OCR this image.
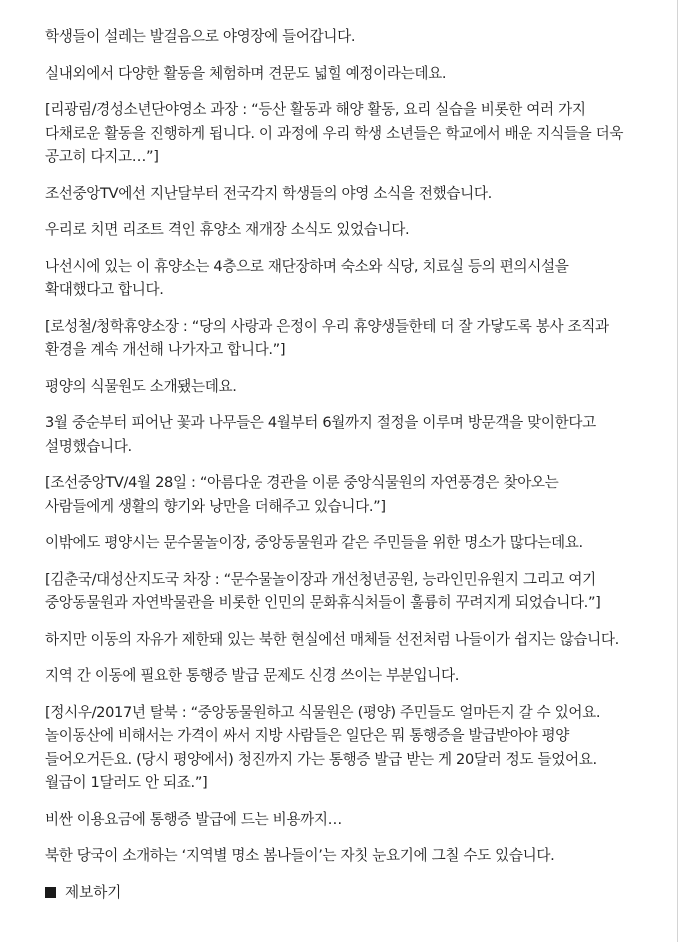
학생들이 설레는 발걸음으로 야영장에 들어갑니다.

실내외에서 다양한 활동을 체험하며 견문도 넓힐 예정이라는데요.

[리광림/경성소년단야영소 과장 : “등산 활동과 해양 활동, 요리 실습을 비롯한 여러 가지 다채로운 활동을 진행하게 됩니다. 이 과정에 우리 학생 소년들은 학교에서 배운 지식들을 더욱 공고히 다지고…”]

조선중앙TV에선 지난달부터 전국각지 학생들의 야영 소식을 전했습니다.

우리로 치면 리조트 격인 휴양소 재개장 소식도 있었습니다.

나선시에 있는 이 휴양소는 4층으로 재단장하며 숙소와 식당, 치료실 등의 편의시설을 확대했다고 합니다.

[로성철/청학휴양소장 : “당의 사랑과 은정이 우리 휴양생들한테 더 잘 가닿도록 봉사 조직과 환경을 계속 개선해 나가자고 합니다.”]

평양의 식물원도 소개됐는데요.

3월 중순부터 피어난 꽃과 나무들은 4월부터 6월까지 절정을 이루며 방문객을 맞이한다고 설명했습니다.

[조선중앙TV/4월 28일 : “아름다운 경관을 이룬 중앙식물원의 자연풍경은 찾아오는 사람들에게 생활의 향기와 낭만을 더해주고 있습니다.”]

이밖에도 평양시는 문수물놀이장, 중앙동물원과 같은 주민들을 위한 명소가 많다는데요.

[김춘국/대성산지도국 차장 : “문수물놀이장과 개선청년공원, 능라인민유원지 그리고 여기 중앙동물원과 자연박물관을 비롯한 인민의 문화휴식처들이 훌륭히 꾸려지게 되었습니다.”]

하지만 이동의 자유가 제한돼 있는 북한 현실에선 매체들 선전처럼 나들이가 쉽지는 않습니다.

지역 간 이동에 필요한 통행증 발급 문제도 신경 쓰이는 부분입니다.

[정시우/2017년 탈북 : “중앙동물원하고 식물원은 (평양) 주민들도 얼마든지 갈 수 있어요. 놀이동산에 비해서는 가격이 싸서 지방 사람들은 일단은 뭐 통행증을 발급받아야 평양 들어오거든요. (당시 평양에서) 청진까지 가는 통행증 발급 받는 게 20달러 정도 들었어요. 월급이 1달러도 안 되죠.”]

비싼 이용요금에 통행증 발급에 드는 비용까지…

북한 당국이 소개하는 ‘지역별 명소 봄나들이’는 자칫 눈요기에 그칠 수도 있습니다.

제보하기
